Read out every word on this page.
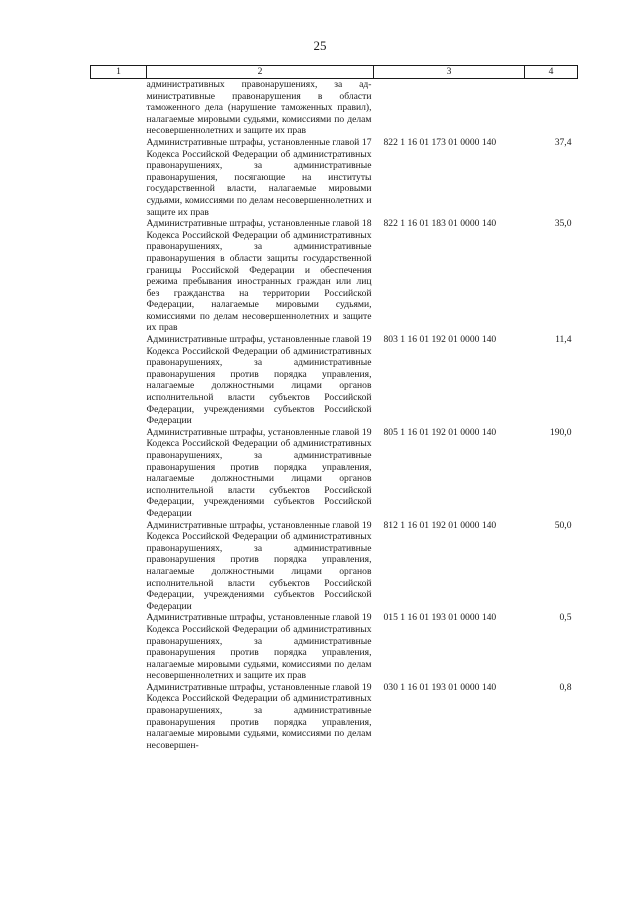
25
1	2	3	4
	административных правонарушениях, за административные правонарушения в области таможенного дела (нарушение таможенных правил), налагаемые мировыми судьями, комиссиями по делам несовершеннолетних и защите их прав		
	Административные штрафы, установленные главой 17 Кодекса Российской Федерации об административных правонарушениях, за административные правонарушения, посягающие на институты государственной власти, налагаемые мировыми судьями, комиссиями по делам несовершеннолетних и защите их прав	822 1 16 01 173 01 0000 140	37,4
	Административные штрафы, установленные главой 18 Кодекса Российской Федерации об административных правонарушениях, за административные правонарушения в области защиты государственной границы Российской Федерации и обеспечения режима пребывания иностранных граждан или лиц без гражданства на территории Российской Федерации, налагаемые мировыми судьями, комиссиями по делам несовершеннолетних и защите их прав	822 1 16 01 183 01 0000 140	35,0
	Административные штрафы, установленные главой 19 Кодекса Российской Федерации об административных правонарушениях, за административные правонарушения против порядка управления, налагаемые должностными лицами органов исполнительной власти субъектов Российской Федерации, учреждениями субъектов Российской Федерации	803 1 16 01 192 01 0000 140	11,4
	Административные штрафы, установленные главой 19 Кодекса Российской Федерации об административных правонарушениях, за административные правонарушения против порядка управления, налагаемые должностными лицами органов исполнительной власти субъектов Российской Федерации, учреждениями субъектов Российской Федерации	805 1 16 01 192 01 0000 140	190,0
	Административные штрафы, установленные главой 19 Кодекса Российской Федерации об административных правонарушениях, за административные правонарушения против порядка управления, налагаемые должностными лицами органов исполнительной власти субъектов Российской Федерации, учреждениями субъектов Российской Федерации	812 1 16 01 192 01 0000 140	50,0
	Административные штрафы, установленные главой 19 Кодекса Российской Федерации об административных правонарушениях, за административные правонарушения против порядка управления, налагаемые мировыми судьями, комиссиями по делам несовершеннолетних и защите их прав	015 1 16 01 193 01 0000 140	0,5
	Административные штрафы, установленные главой 19 Кодекса Российской Федерации об административных правонарушениях, за административные правонарушения против порядка управления, налагаемые мировыми судьями, комиссиями по делам несовершен-	030 1 16 01 193 01 0000 140	0,8
